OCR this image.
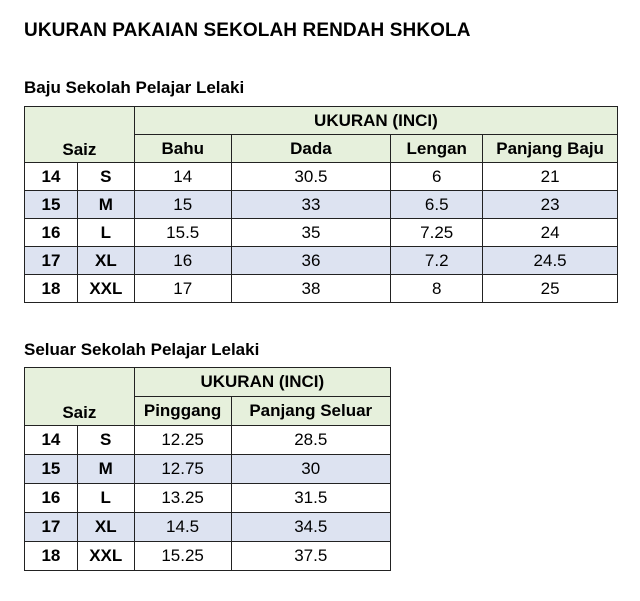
UKURAN PAKAIAN SEKOLAH RENDAH SHKOLA
Baju Sekolah Pelajar Lelaki
Saiz		UKURAN (INCI)			
		Bahu	Dada	Lengan	Panjang Baju
14	S	14	30.5	6	21
15	M	15	33	6.5	23
16	L	15.5	35	7.25	24
17	XL	16	36	7.2	24.5
18	XXL	17	38	8	25
Seluar Sekolah Pelajar Lelaki
Saiz		UKURAN (INCI)	
		Pinggang	Panjang Seluar
14	S	12.25	28.5
15	M	12.75	30
16	L	13.25	31.5
17	XL	14.5	34.5
18	XXL	15.25	37.5
